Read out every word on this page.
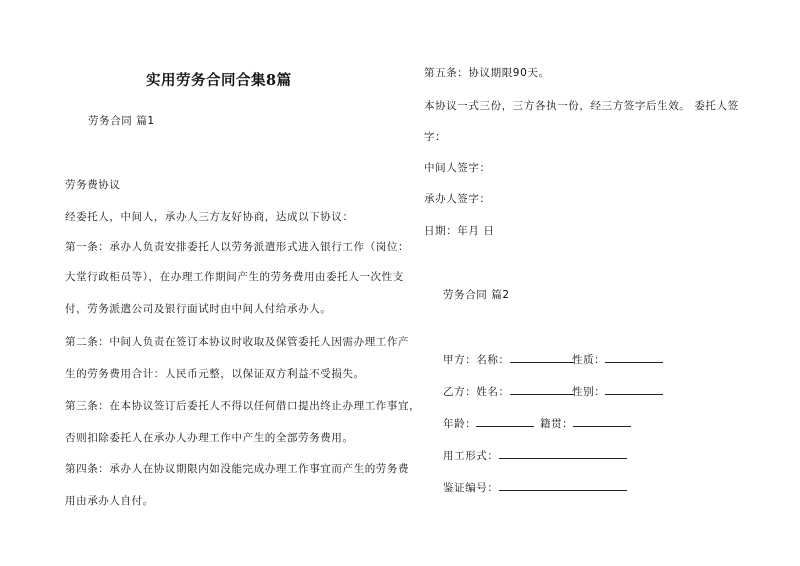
实用劳务合同合集8篇
劳务合同 篇1
劳务费协议
经委托人，中间人，承办人三方友好协商，达成以下协议：
第一条：承办人负责安排委托人以劳务派遣形式进入银行工作（岗位：
大堂行政柜员等），在办理工作期间产生的劳务费用由委托人一次性支
付，劳务派遣公司及银行面试时由中间人付给承办人。
第二条：中间人负责在签订本协议时收取及保管委托人因需办理工作产
生的劳务费用合计：人民币元整，以保证双方利益不受损失。
第三条：在本协议签订后委托人不得以任何借口提出终止办理工作事宜，
否则扣除委托人在承办人办理工作中产生的全部劳务费用。
第四条：承办人在协议期限内如没能完成办理工作事宜而产生的劳务费
用由承办人自付。
第五条：协议期限90天。
本协议一式三份，三方各执一份，经三方签字后生效。 委托人签
字：
中间人签字：
承办人签字：
日期：年月 日
劳务合同 篇2
甲方：名称：	性质：
乙方：姓名：	性别：
年龄：	籍贯：
用工形式：
鉴证编号：
